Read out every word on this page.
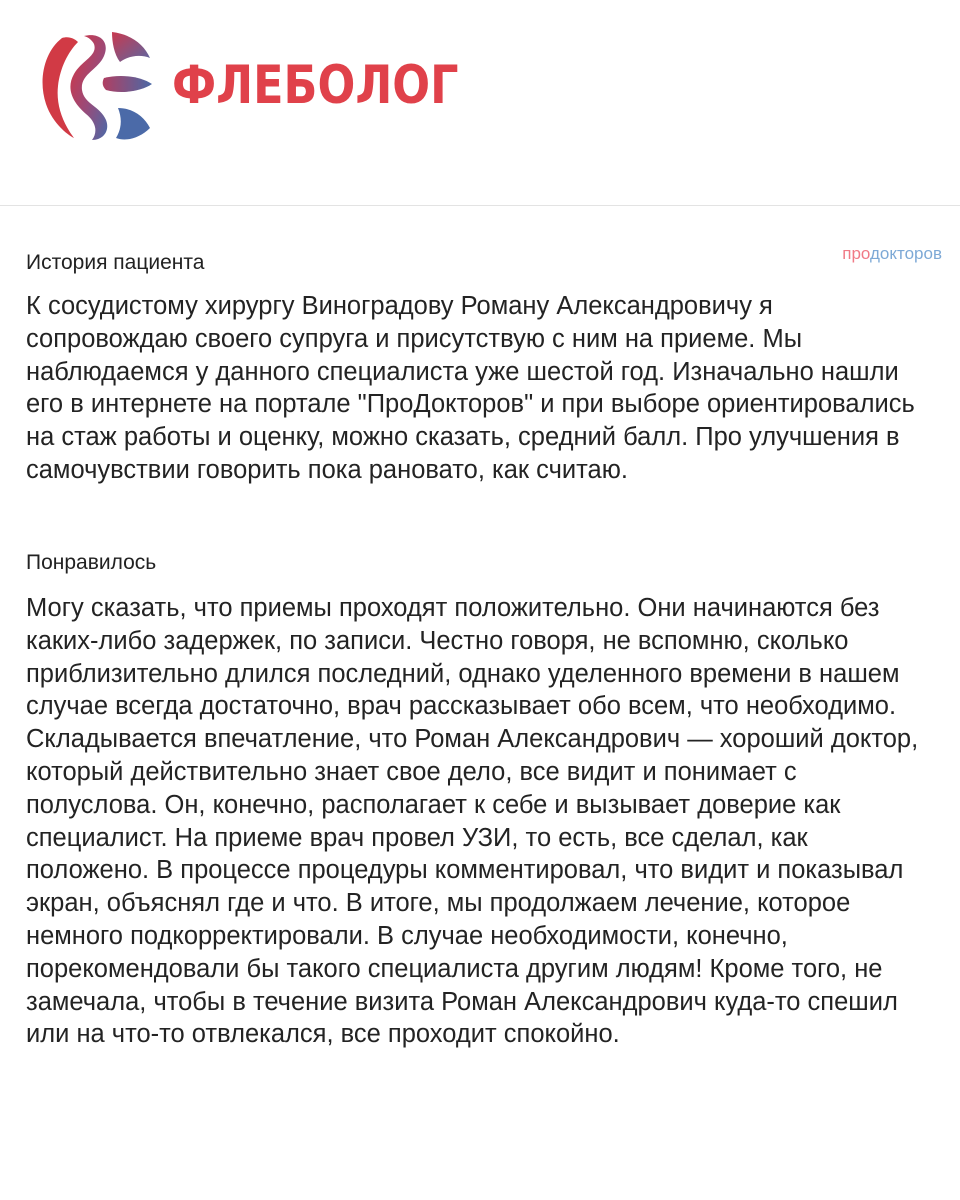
ФЛЕБОЛОГ
продокторов
История пациента
К сосудистому хирургу Виноградову Роману Александровичу я сопровождаю своего супруга и присутствую с ним на приеме. Мы наблюдаемся у данного специалиста уже шестой год. Изначально нашли его в интернете на портале "ПроДокторов" и при выборе ориентировались на стаж работы и оценку, можно сказать, средний балл. Про улучшения в самочувствии говорить пока рановато, как считаю.
Понравилось
Могу сказать, что приемы проходят положительно. Они начинаются без каких-либо задержек, по записи. Честно говоря, не вспомню, сколько приблизительно длился последний, однако уделенного времени в нашем случае всегда достаточно, врач рассказывает обо всем, что необходимо. Складывается впечатление, что Роман Александрович — хороший доктор, который действительно знает свое дело, все видит и понимает с полуслова. Он, конечно, располагает к себе и вызывает доверие как специалист. На приеме врач провел УЗИ, то есть, все сделал, как положено. В процессе процедуры комментировал, что видит и показывал экран, объяснял где и что. В итоге, мы продолжаем лечение, которое немного подкорректировали. В случае необходимости, конечно, порекомендовали бы такого специалиста другим людям! Кроме того, не замечала, чтобы в течение визита Роман Александрович куда-то спешил или на что-то отвлекался, все проходит спокойно.
